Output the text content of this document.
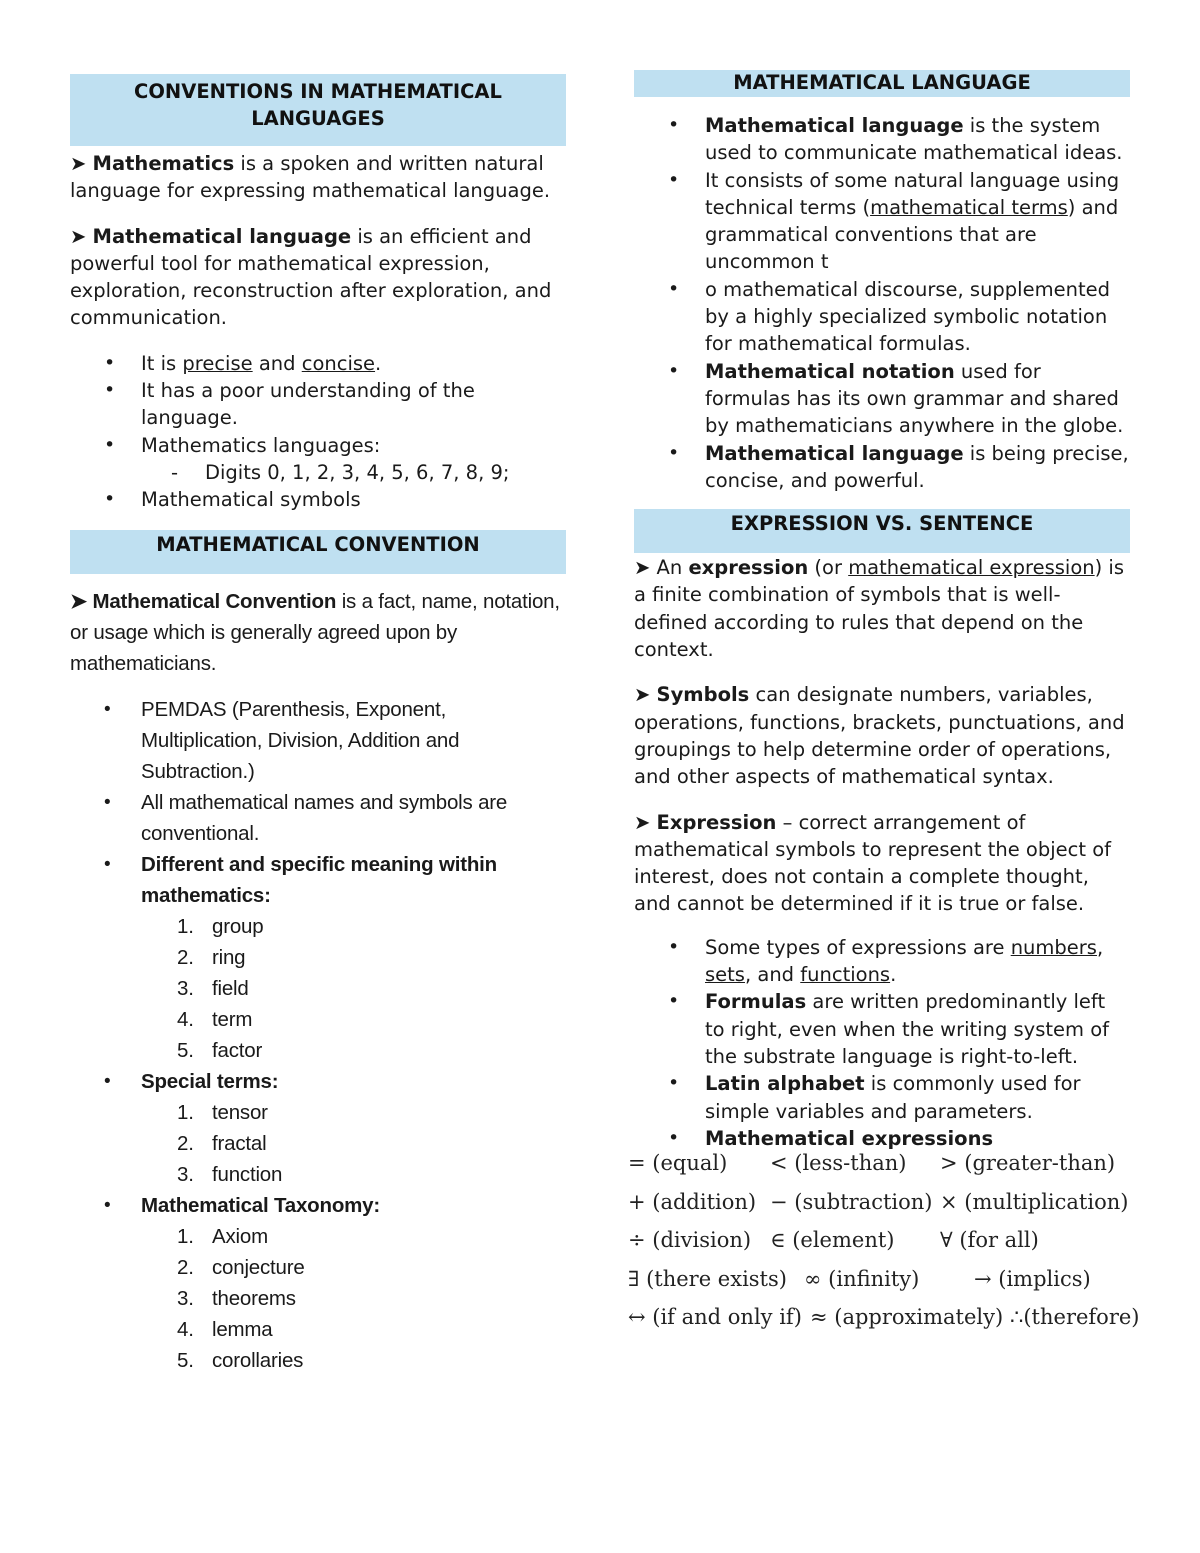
CONVENTIONS IN MATHEMATICAL LANGUAGES

➤ Mathematics is a spoken and written natural language for expressing mathematical language.

➤ Mathematical language is an efficient and powerful tool for mathematical expression, exploration, reconstruction after exploration, and communication.

• It is precise and concise.
• It has a poor understanding of the language.
• Mathematics languages:
- Digits 0, 1, 2, 3, 4, 5, 6, 7, 8, 9;
• Mathematical symbols
MATHEMATICAL CONVENTION

➤ Mathematical Convention is a fact, name, notation, or usage which is generally agreed upon by mathematicians.

• PEMDAS (Parenthesis, Exponent, Multiplication, Division, Addition and Subtraction.)
• All mathematical names and symbols are conventional.
• Different and specific meaning within mathematics:
1. group
2. ring
3. field
4. term
5. factor
• Special terms:
1. tensor
2. fractal
3. function
• Mathematical Taxonomy:
1. Axiom
2. conjecture
3. theorems
4. lemma
5. corollaries
MATHEMATICAL LANGUAGE
• Mathematical language is the system used to communicate mathematical ideas.
• It consists of some natural language using technical terms (mathematical terms) and grammatical conventions that are uncommon t
• o mathematical discourse, supplemented by a highly specialized symbolic notation for mathematical formulas.
• Mathematical notation used for formulas has its own grammar and shared by mathematicians anywhere in the globe.
• Mathematical language is being precise, concise, and powerful.
EXPRESSION VS. SENTENCE

➤ An expression (or mathematical expression) is a finite combination of symbols that is well-defined according to rules that depend on the context.

➤ Symbols can designate numbers, variables, operations, functions, brackets, punctuations, and groupings to help determine order of operations, and other aspects of mathematical syntax.

➤ Expression – correct arrangement of mathematical symbols to represent the object of interest, does not contain a complete thought, and cannot be determined if it is true or false.

• Some types of expressions are numbers, sets, and functions.
• Formulas are written predominantly left to right, even when the writing system of the substrate language is right-to-left.
• Latin alphabet is commonly used for simple variables and parameters.
• Mathematical expressions
= (equal) < (less-than) > (greater-than)
+ (addition) − (subtraction) × (multiplication)
÷ (division) ∈ (element) ∀ (for all)
∃ (there exists) ∞ (infinity)	→ (implics)
↔ (if and only if) ≈ (approximately) ∴(therefore)
